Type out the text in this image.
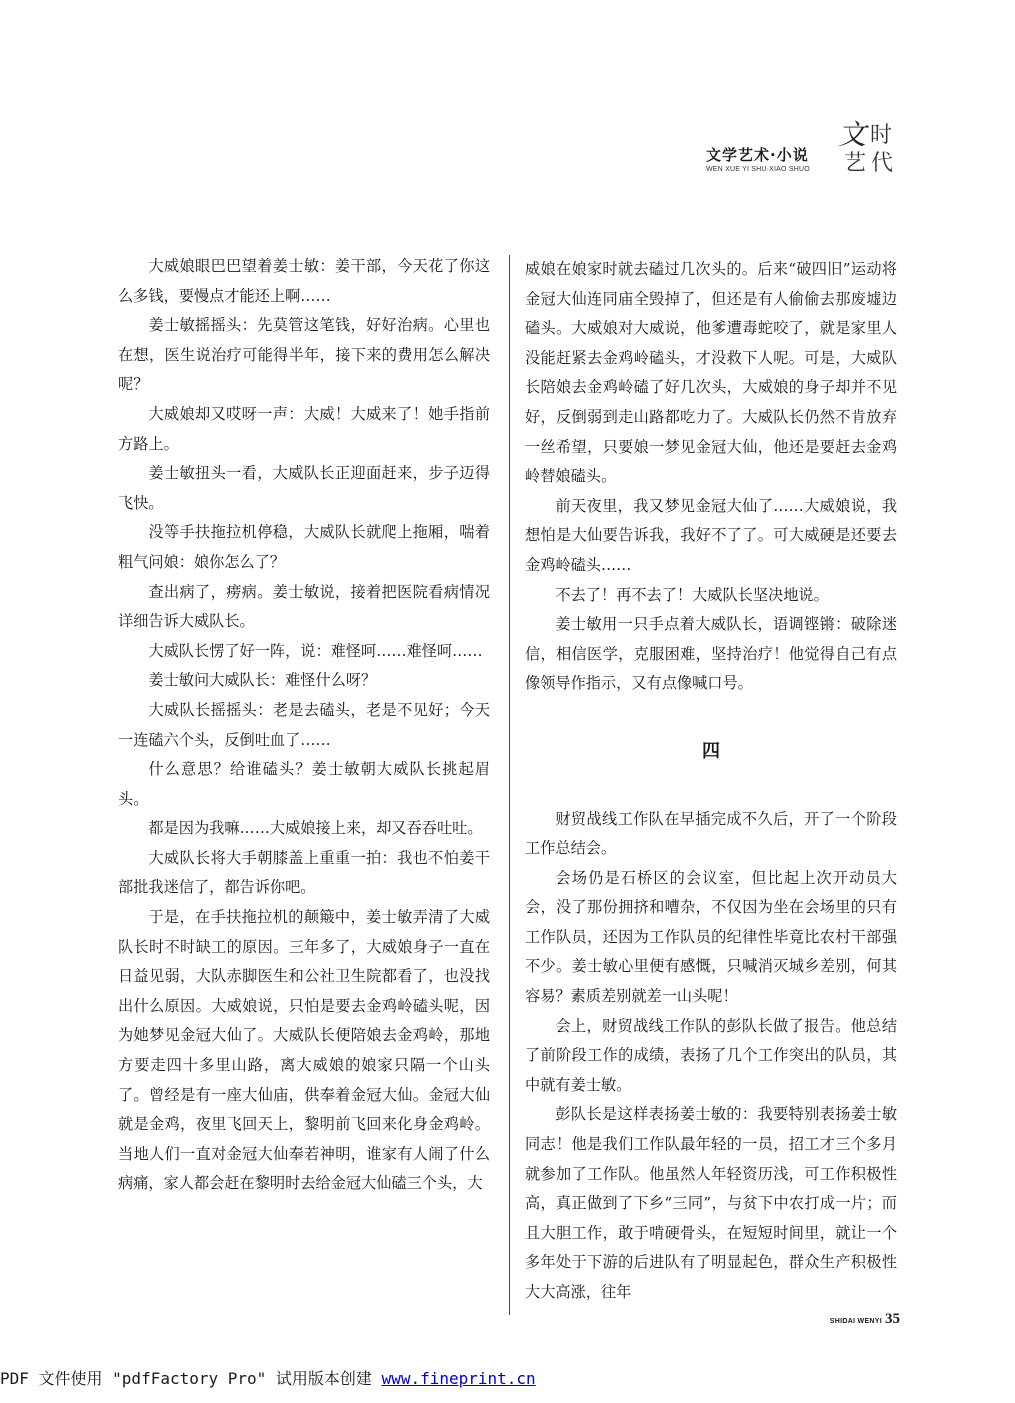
文学艺术·小说
WEN XUE YI SHU·XIAO SHUO
文 时
艺 代

大威娘眼巴巴望着姜士敏：姜干部，今天花了你这么多钱，要慢点才能还上啊……

姜士敏摇摇头：先莫管这笔钱，好好治病。心里也在想，医生说治疗可能得半年，接下来的费用怎么解决呢？

大威娘却又哎呀一声：大威！大威来了！她手指前方路上。

姜士敏扭头一看，大威队长正迎面赶来，步子迈得飞快。

没等手扶拖拉机停稳，大威队长就爬上拖厢，喘着粗气问娘：娘你怎么了？

查出病了，痨病。姜士敏说，接着把医院看病情况详细告诉大威队长。

大威队长愣了好一阵，说：难怪呵……难怪呵……

姜士敏问大威队长：难怪什么呀？

大威队长摇摇头：老是去磕头，老是不见好；今天一连磕六个头，反倒吐血了……

什么意思？给谁磕头？姜士敏朝大威队长挑起眉头。

都是因为我嘛……大威娘接上来，却又吞吞吐吐。

大威队长将大手朝膝盖上重重一拍：我也不怕姜干部批我迷信了，都告诉你吧。

于是，在手扶拖拉机的颠簸中，姜士敏弄清了大威队长时不时缺工的原因。三年多了，大威娘身子一直在日益见弱，大队赤脚医生和公社卫生院都看了，也没找出什么原因。大威娘说，只怕是要去金鸡岭磕头呢，因为她梦见金冠大仙了。大威队长便陪娘去金鸡岭，那地方要走四十多里山路，离大威娘的娘家只隔一个山头了。曾经是有一座大仙庙，供奉着金冠大仙。金冠大仙就是金鸡，夜里飞回天上，黎明前飞回来化身金鸡岭。当地人们一直对金冠大仙奉若神明，谁家有人闹了什么病痛，家人都会赶在黎明时去给金冠大仙磕三个头，大

威娘在娘家时就去磕过几次头的。后来“破四旧”运动将金冠大仙连同庙全毁掉了，但还是有人偷偷去那废墟边磕头。大威娘对大威说，他爹遭毒蛇咬了，就是家里人没能赶紧去金鸡岭磕头，才没救下人呢。可是，大威队长陪娘去金鸡岭磕了好几次头，大威娘的身子却并不见好，反倒弱到走山路都吃力了。大威队长仍然不肯放弃一丝希望，只要娘一梦见金冠大仙，他还是要赶去金鸡岭替娘磕头。

前天夜里，我又梦见金冠大仙了……大威娘说，我想怕是大仙要告诉我，我好不了了。可大威硬是还要去金鸡岭磕头……

不去了！再不去了！大威队长坚决地说。

姜士敏用一只手点着大威队长，语调铿锵：破除迷信，相信医学，克服困难，坚持治疗！他觉得自己有点像领导作指示，又有点像喊口号。

四

财贸战线工作队在早插完成不久后，开了一个阶段工作总结会。

会场仍是石桥区的会议室，但比起上次开动员大会，没了那份拥挤和嘈杂，不仅因为坐在会场里的只有工作队员，还因为工作队员的纪律性毕竟比农村干部强不少。姜士敏心里便有感慨，只喊消灭城乡差别，何其容易？素质差别就差一山头呢！

会上，财贸战线工作队的彭队长做了报告。他总结了前阶段工作的成绩，表扬了几个工作突出的队员，其中就有姜士敏。

彭队长是这样表扬姜士敏的：我要特别表扬姜士敏同志！他是我们工作队最年轻的一员，招工才三个多月就参加了工作队。他虽然人年轻资历浅，可工作积极性高，真正做到了下乡“三同”，与贫下中农打成一片；而且大胆工作，敢于啃硬骨头，在短短时间里，就让一个多年处于下游的后进队有了明显起色，群众生产积极性大大高涨，往年

SHIDAI WENYI 35
PDF 文件使用 "pdfFactory Pro" 试用版本创建 www.fineprint.cn
